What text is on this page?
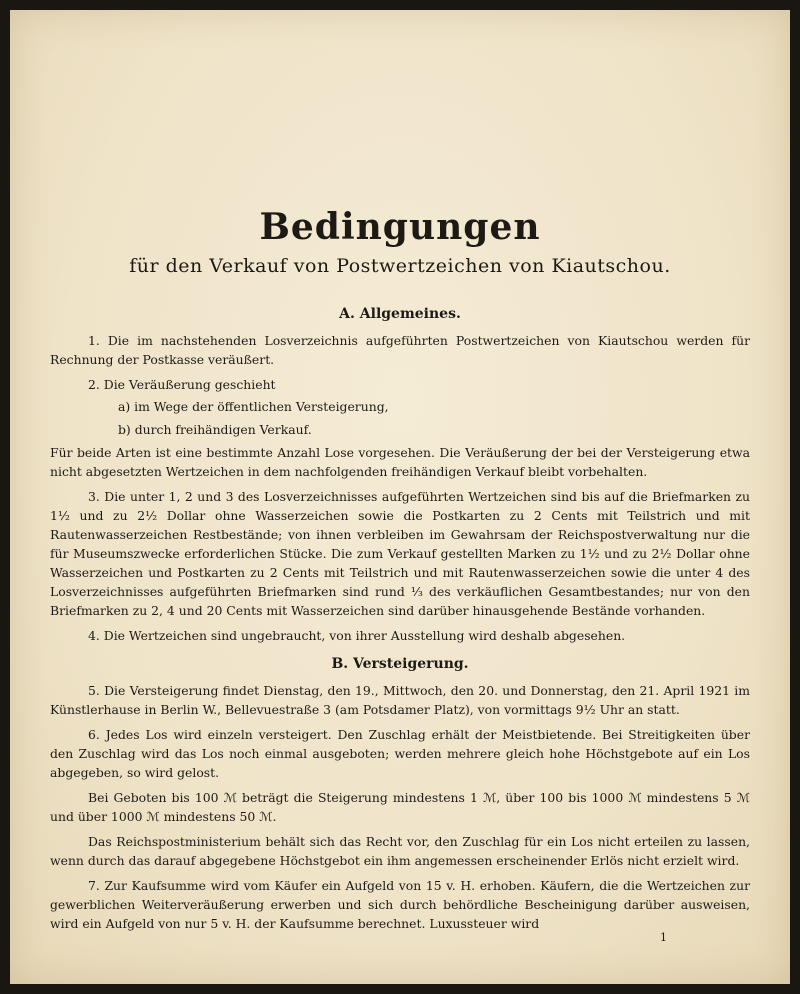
Bedingungen
für den Verkauf von Postwertzeichen von Kiautschou.
A. Allgemeines.

1. Die im nachstehenden Losverzeichnis aufgeführten Postwertzeichen von Kiautschou werden für Rechnung der Postkasse veräußert.

2. Die Veräußerung geschieht

a) im Wege der öffentlichen Versteigerung,

b) durch freihändigen Verkauf.

Für beide Arten ist eine bestimmte Anzahl Lose vorgesehen. Die Veräußerung der bei der Versteigerung etwa nicht abgesetzten Wertzeichen in dem nachfolgenden freihändigen Verkauf bleibt vorbehalten.

3. Die unter 1, 2 und 3 des Losverzeichnisses aufgeführten Wertzeichen sind bis auf die Briefmarken zu 1½ und zu 2½ Dollar ohne Wasserzeichen sowie die Postkarten zu 2 Cents mit Teilstrich und mit Rautenwasserzeichen Restbestände; von ihnen verbleiben im Gewahrsam der Reichspostverwaltung nur die für Museumszwecke erforderlichen Stücke. Die zum Verkauf gestellten Marken zu 1½ und zu 2½ Dollar ohne Wasserzeichen und Postkarten zu 2 Cents mit Teilstrich und mit Rautenwasserzeichen sowie die unter 4 des Losverzeichnisses aufgeführten Briefmarken sind rund ⅓ des verkäuflichen Gesamtbestandes; nur von den Briefmarken zu 2, 4 und 20 Cents mit Wasserzeichen sind darüber hinausgehende Bestände vorhanden.

4. Die Wertzeichen sind ungebraucht, von ihrer Ausstellung wird deshalb abgesehen.

B. Versteigerung.

5. Die Versteigerung findet Dienstag, den 19., Mittwoch, den 20. und Donnerstag, den 21. April 1921 im Künstlerhause in Berlin W., Bellevuestraße 3 (am Potsdamer Platz), von vormittags 9½ Uhr an statt.

6. Jedes Los wird einzeln versteigert. Den Zuschlag erhält der Meistbietende. Bei Streitigkeiten über den Zuschlag wird das Los noch einmal ausgeboten; werden mehrere gleich hohe Höchstgebote auf ein Los abgegeben, so wird gelost.

Bei Geboten bis 100 ℳ beträgt die Steigerung mindestens 1 ℳ, über 100 bis 1000 ℳ mindestens 5 ℳ und über 1000 ℳ mindestens 50 ℳ.

Das Reichspostministerium behält sich das Recht vor, den Zuschlag für ein Los nicht erteilen zu lassen, wenn durch das darauf abgegebene Höchstgebot ein ihm angemessen erscheinender Erlös nicht erzielt wird.

7. Zur Kaufsumme wird vom Käufer ein Aufgeld von 15 v. H. erhoben. Käufern, die die Wertzeichen zur gewerblichen Weiterveräußerung erwerben und sich durch behördliche Bescheinigung darüber ausweisen, wird ein Aufgeld von nur 5 v. H. der Kaufsumme berechnet. Luxussteuer wird

1
